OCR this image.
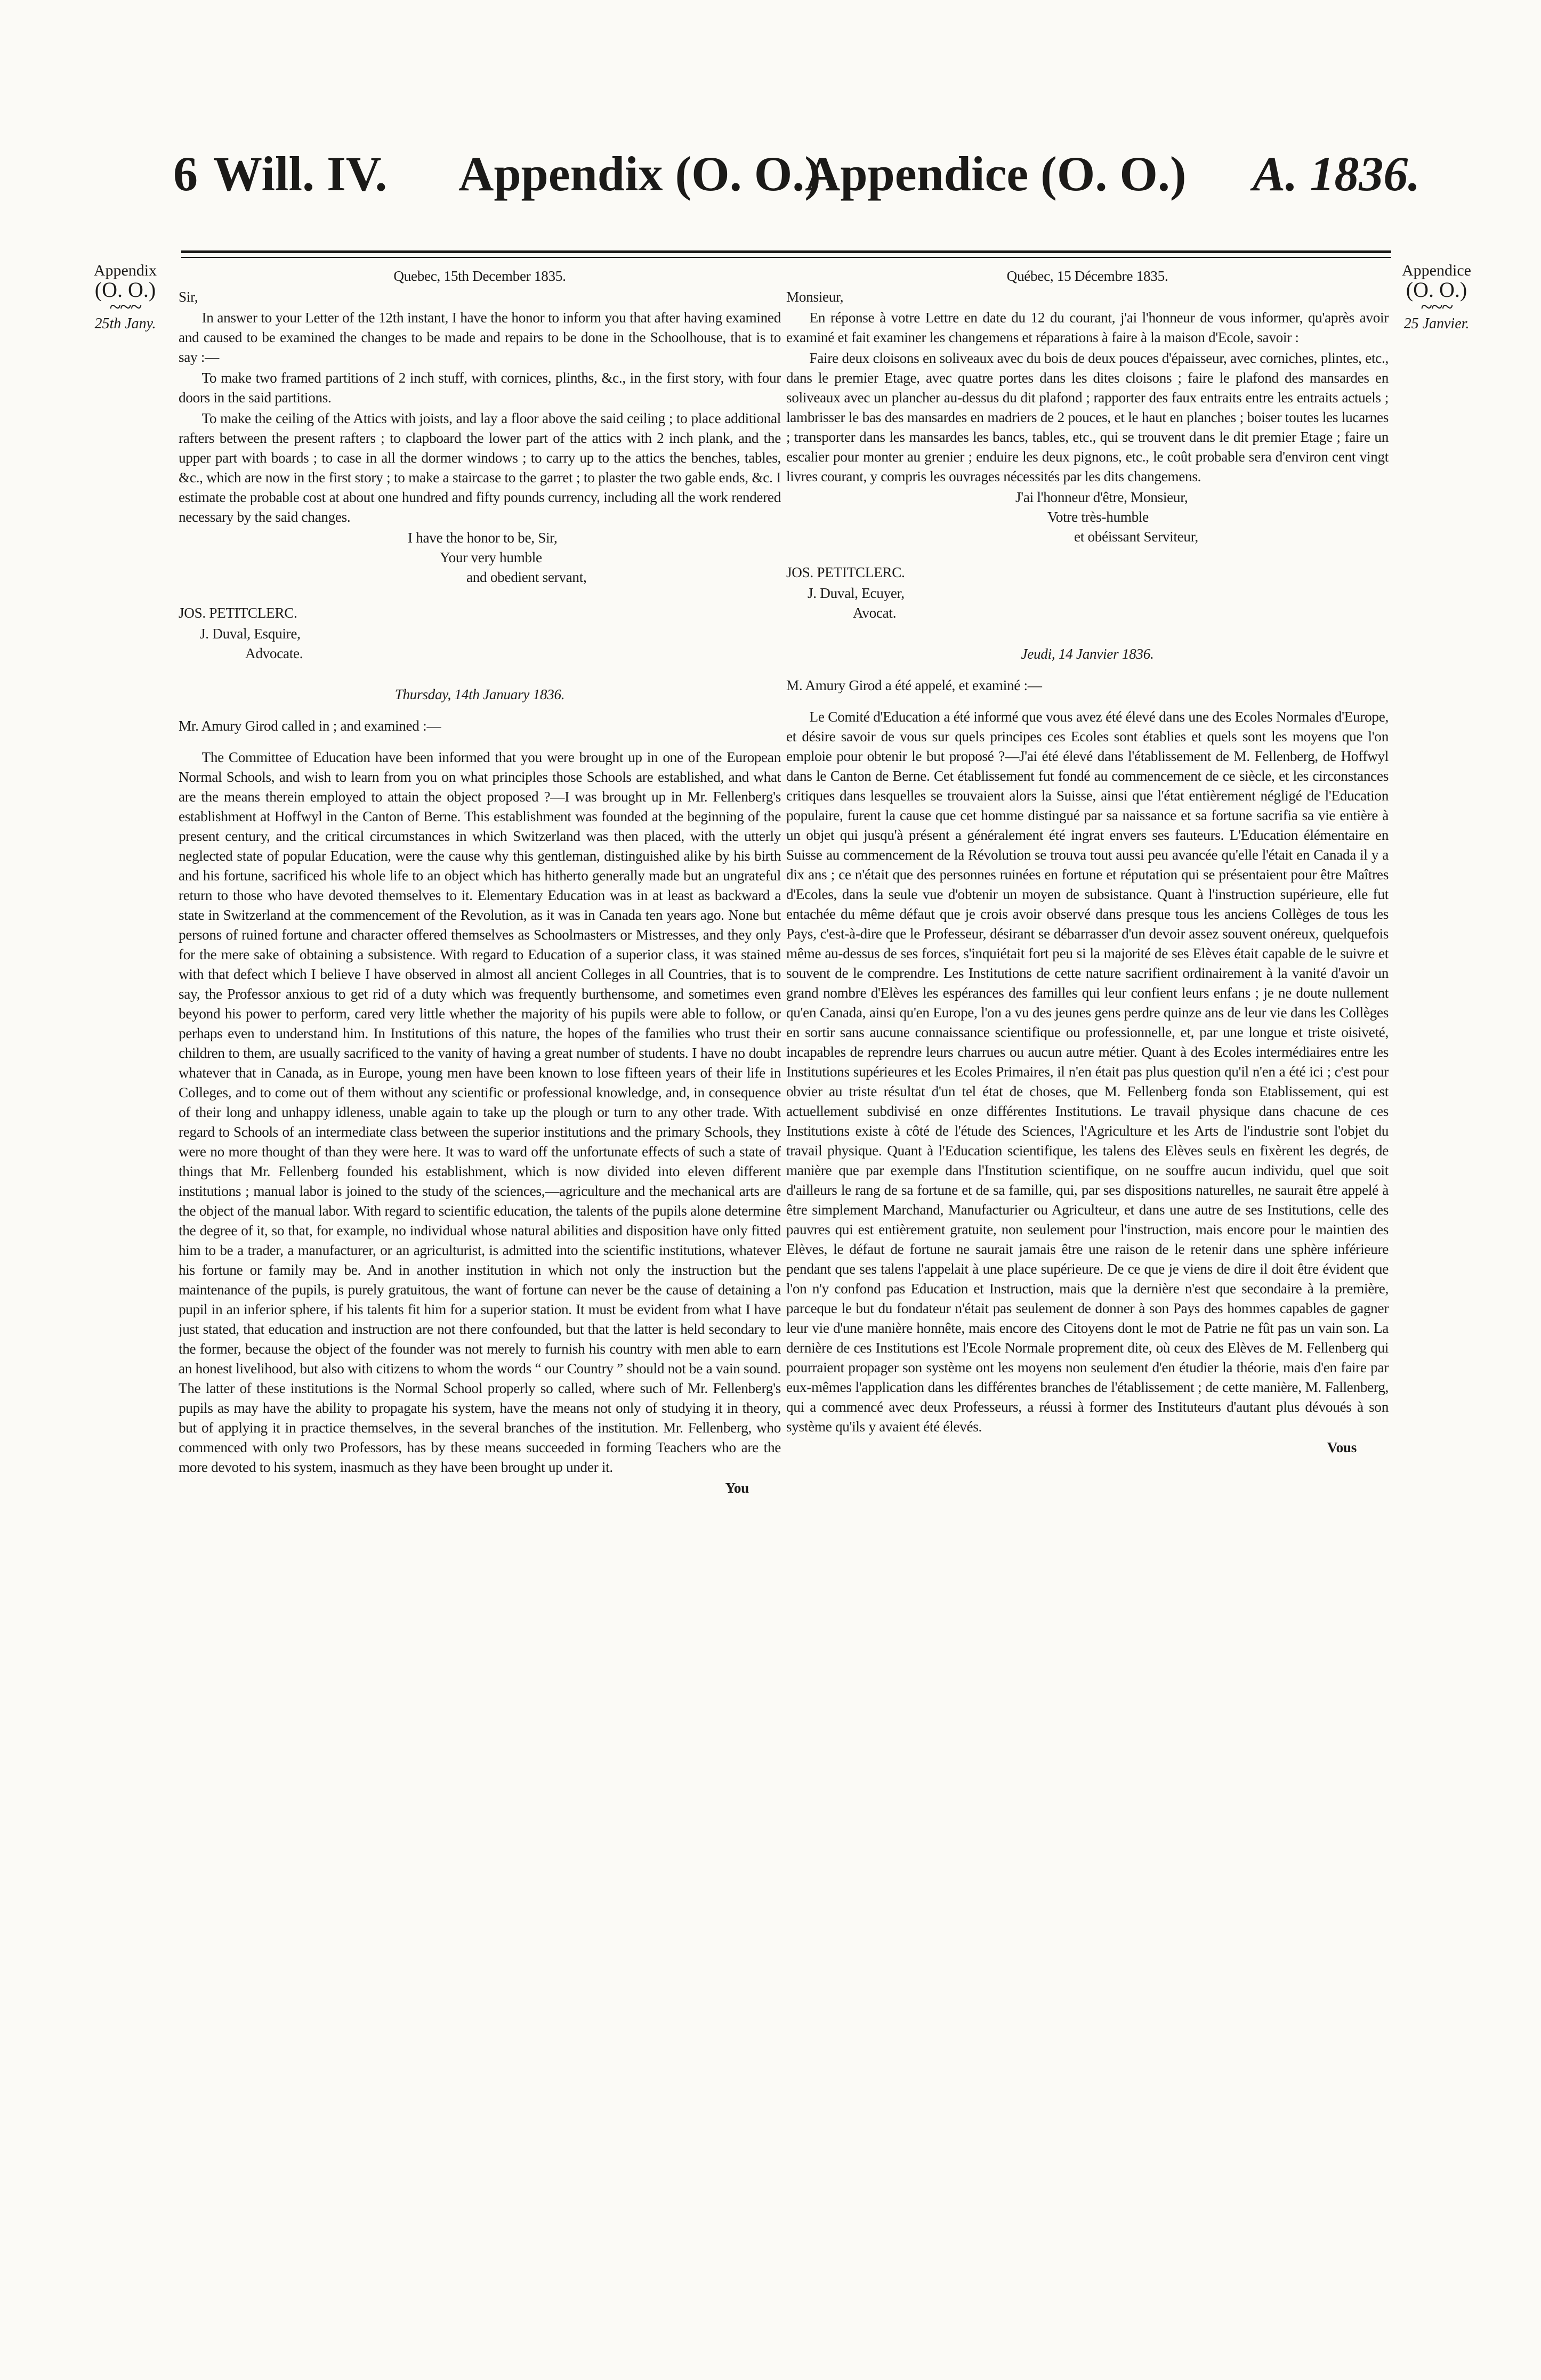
6 Will. IV. Appendix (O. O.)
Appendice (O. O.) A. 1836.
Appendix
(O. O.)
~~~
25th Jany.
Appendice
(O. O.)
~~~
25 Janvier.

Quebec, 15th December 1835.

Sir,

In answer to your Letter of the 12th instant, I have the honor to inform you that after having examined and caused to be examined the changes to be made and repairs to be done in the Schoolhouse, that is to say :—

To make two framed partitions of 2 inch stuff, with cornices, plinths, &c., in the first story, with four doors in the said partitions.

To make the ceiling of the Attics with joists, and lay a floor above the said ceiling ; to place additional rafters between the present rafters ; to clapboard the lower part of the attics with 2 inch plank, and the upper part with boards ; to case in all the dormer windows ; to carry up to the attics the benches, tables, &c., which are now in the first story ; to make a staircase to the garret ; to plaster the two gable ends, &c. I estimate the probable cost at about one hundred and fifty pounds currency, including all the work rendered necessary by the said changes.

I have the honor to be, Sir,
Your very humble
and obedient servant,

JOS. PETITCLERC.

J. Duval, Esquire,
Advocate.

Thursday, 14th January 1836.

Mr. Amury Girod called in ; and examined :—

The Committee of Education have been informed that you were brought up in one of the European Normal Schools, and wish to learn from you on what principles those Schools are established, and what are the means therein employed to attain the object proposed ?—I was brought up in Mr. Fellenberg's establishment at Hoffwyl in the Canton of Berne. This establishment was founded at the beginning of the present century, and the critical circumstances in which Switzerland was then placed, with the utterly neglected state of popular Education, were the cause why this gentleman, distinguished alike by his birth and his fortune, sacrificed his whole life to an object which has hitherto generally made but an ungrateful return to those who have devoted themselves to it. Elementary Education was in at least as backward a state in Switzerland at the commencement of the Revolution, as it was in Canada ten years ago. None but persons of ruined fortune and character offered themselves as Schoolmasters or Mistresses, and they only for the mere sake of obtaining a subsistence. With regard to Education of a superior class, it was stained with that defect which I believe I have observed in almost all ancient Colleges in all Countries, that is to say, the Professor anxious to get rid of a duty which was frequently burthensome, and sometimes even beyond his power to perform, cared very little whether the majority of his pupils were able to follow, or perhaps even to understand him. In Institutions of this nature, the hopes of the families who trust their children to them, are usually sacrificed to the vanity of having a great number of students. I have no doubt whatever that in Canada, as in Europe, young men have been known to lose fifteen years of their life in Colleges, and to come out of them without any scientific or professional knowledge, and, in consequence of their long and unhappy idleness, unable again to take up the plough or turn to any other trade. With regard to Schools of an intermediate class between the superior institutions and the primary Schools, they were no more thought of than they were here. It was to ward off the unfortunate effects of such a state of things that Mr. Fellenberg founded his establishment, which is now divided into eleven different institutions ; manual labor is joined to the study of the sciences,—agriculture and the mechanical arts are the object of the manual labor. With regard to scientific education, the talents of the pupils alone determine the degree of it, so that, for example, no individual whose natural abilities and disposition have only fitted him to be a trader, a manufacturer, or an agriculturist, is admitted into the scientific institutions, whatever his fortune or family may be. And in another institution in which not only the instruction but the maintenance of the pupils, is purely gratuitous, the want of fortune can never be the cause of detaining a pupil in an inferior sphere, if his talents fit him for a superior station. It must be evident from what I have just stated, that education and instruction are not there confounded, but that the latter is held secondary to the former, because the object of the founder was not merely to furnish his country with men able to earn an honest livelihood, but also with citizens to whom the words “ our Country ” should not be a vain sound. The latter of these institutions is the Normal School properly so called, where such of Mr. Fellenberg's pupils as may have the ability to propagate his system, have the means not only of studying it in theory, but of applying it in practice themselves, in the several branches of the institution. Mr. Fellenberg, who commenced with only two Professors, has by these means succeeded in forming Teachers who are the more devoted to his system, inasmuch as they have been brought up under it.

You

Québec, 15 Décembre 1835.

Monsieur,

En réponse à votre Lettre en date du 12 du courant, j'ai l'honneur de vous informer, qu'après avoir examiné et fait examiner les changemens et réparations à faire à la maison d'Ecole, savoir :

Faire deux cloisons en soliveaux avec du bois de deux pouces d'épaisseur, avec corniches, plintes, etc., dans le premier Etage, avec quatre portes dans les dites cloisons ; faire le plafond des mansardes en soliveaux avec un plancher au-dessus du dit plafond ; rapporter des faux entraits entre les entraits actuels ; lambrisser le bas des mansardes en madriers de 2 pouces, et le haut en planches ; boiser toutes les lucarnes ; transporter dans les mansardes les bancs, tables, etc., qui se trouvent dans le dit premier Etage ; faire un escalier pour monter au grenier ; enduire les deux pignons, etc., le coût probable sera d'environ cent vingt livres courant, y compris les ouvrages nécessités par les dits changemens.

J'ai l'honneur d'être, Monsieur,
Votre très-humble
et obéissant Serviteur,

JOS. PETITCLERC.

J. Duval, Ecuyer,
Avocat.

Jeudi, 14 Janvier 1836.

M. Amury Girod a été appelé, et examiné :—

Le Comité d'Education a été informé que vous avez été élevé dans une des Ecoles Normales d'Europe, et désire savoir de vous sur quels principes ces Ecoles sont établies et quels sont les moyens que l'on emploie pour obtenir le but proposé ?—J'ai été élevé dans l'établissement de M. Fellenberg, de Hoffwyl dans le Canton de Berne. Cet établissement fut fondé au commencement de ce siècle, et les circonstances critiques dans lesquelles se trouvaient alors la Suisse, ainsi que l'état entièrement négligé de l'Education populaire, furent la cause que cet homme distingué par sa naissance et sa fortune sacrifia sa vie entière à un objet qui jusqu'à présent a généralement été ingrat envers ses fauteurs. L'Education élémentaire en Suisse au commencement de la Révolution se trouva tout aussi peu avancée qu'elle l'était en Canada il y a dix ans ; ce n'était que des personnes ruinées en fortune et réputation qui se présentaient pour être Maîtres d'Ecoles, dans la seule vue d'obtenir un moyen de subsistance. Quant à l'instruction supérieure, elle fut entachée du même défaut que je crois avoir observé dans presque tous les anciens Collèges de tous les Pays, c'est-à-dire que le Professeur, désirant se débarrasser d'un devoir assez souvent onéreux, quelquefois même au-dessus de ses forces, s'inquiétait fort peu si la majorité de ses Elèves était capable de le suivre et souvent de le comprendre. Les Institutions de cette nature sacrifient ordinairement à la vanité d'avoir un grand nombre d'Elèves les espérances des familles qui leur confient leurs enfans ; je ne doute nullement qu'en Canada, ainsi qu'en Europe, l'on a vu des jeunes gens perdre quinze ans de leur vie dans les Collèges en sortir sans aucune connaissance scientifique ou professionnelle, et, par une longue et triste oisiveté, incapables de reprendre leurs charrues ou aucun autre métier. Quant à des Ecoles intermédiaires entre les Institutions supérieures et les Ecoles Primaires, il n'en était pas plus question qu'il n'en a été ici ; c'est pour obvier au triste résultat d'un tel état de choses, que M. Fellenberg fonda son Etablissement, qui est actuellement subdivisé en onze différentes Institutions. Le travail physique dans chacune de ces Institutions existe à côté de l'étude des Sciences, l'Agriculture et les Arts de l'industrie sont l'objet du travail physique. Quant à l'Education scientifique, les talens des Elèves seuls en fixèrent les degrés, de manière que par exemple dans l'Institution scientifique, on ne souffre aucun individu, quel que soit d'ailleurs le rang de sa fortune et de sa famille, qui, par ses dispositions naturelles, ne saurait être appelé à être simplement Marchand, Manufacturier ou Agriculteur, et dans une autre de ses Institutions, celle des pauvres qui est entièrement gratuite, non seulement pour l'instruction, mais encore pour le maintien des Elèves, le défaut de fortune ne saurait jamais être une raison de le retenir dans une sphère inférieure pendant que ses talens l'appelait à une place supérieure. De ce que je viens de dire il doit être évident que l'on n'y confond pas Education et Instruction, mais que la dernière n'est que secondaire à la première, parceque le but du fondateur n'était pas seulement de donner à son Pays des hommes capables de gagner leur vie d'une manière honnête, mais encore des Citoyens dont le mot de Patrie ne fût pas un vain son. La dernière de ces Institutions est l'Ecole Normale proprement dite, où ceux des Elèves de M. Fellenberg qui pourraient propager son système ont les moyens non seulement d'en étudier la théorie, mais d'en faire par eux-mêmes l'application dans les différentes branches de l'établissement ; de cette manière, M. Fallenberg, qui a commencé avec deux Professeurs, a réussi à former des Instituteurs d'autant plus dévoués à son système qu'ils y avaient été élevés.

Vous
